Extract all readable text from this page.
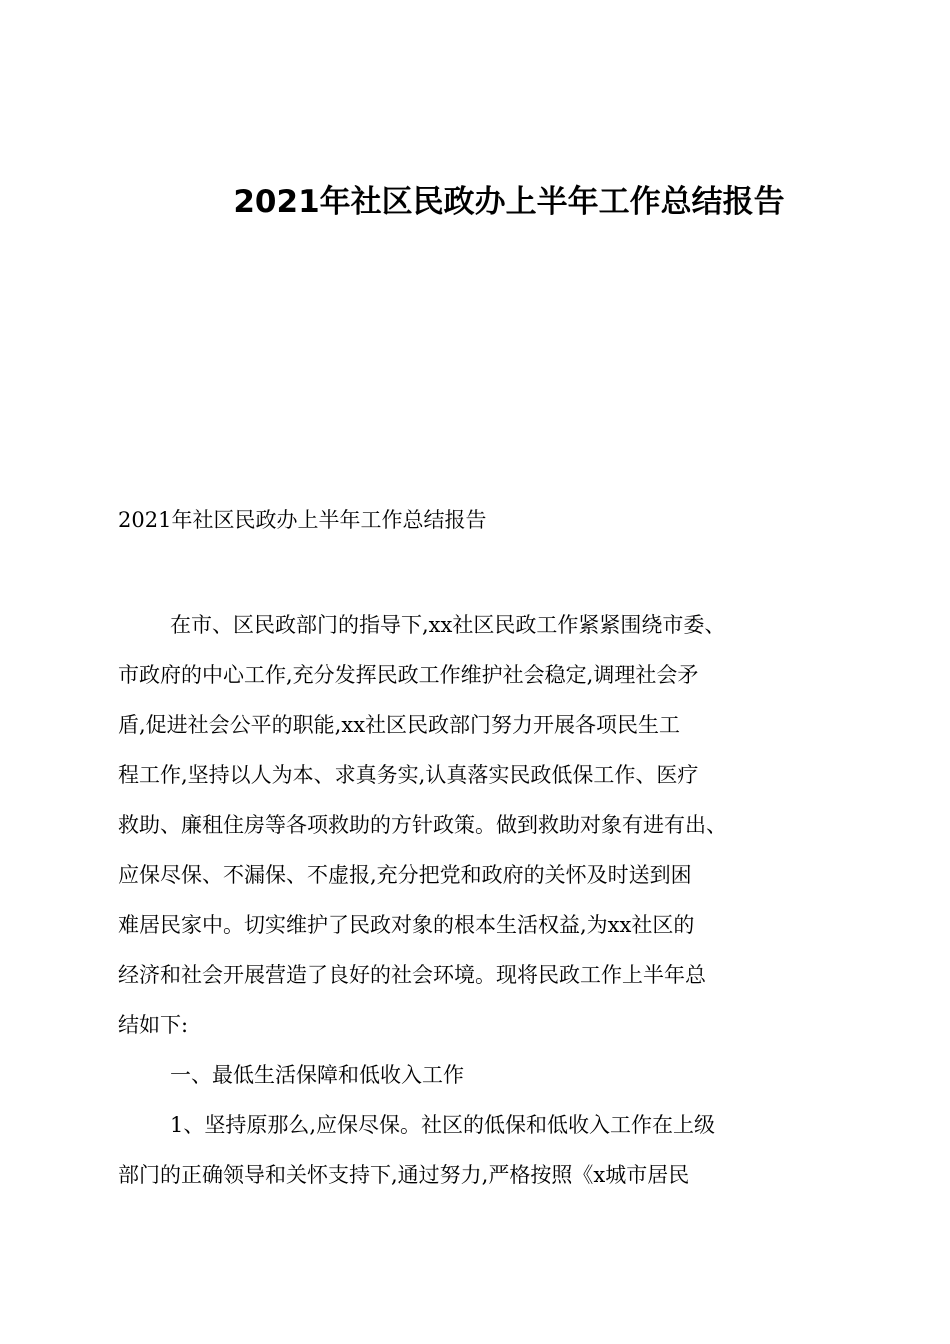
2021年社区民政办上半年工作总结报告
2021年社区民政办上半年工作总结报告
在市、区民政部门的指导下,xx社区民政工作紧紧围绕市委、
市政府的中心工作,充分发挥民政工作维护社会稳定,调理社会矛
盾,促进社会公平的职能,xx社区民政部门努力开展各项民生工
程工作,坚持以人为本、求真务实,认真落实民政低保工作、医疗
救助、廉租住房等各项救助的方针政策。做到救助对象有进有出、
应保尽保、不漏保、不虚报,充分把党和政府的关怀及时送到困
难居民家中。切实维护了民政对象的根本生活权益,为xx社区的
经济和社会开展营造了良好的社会环境。现将民政工作上半年总
结如下:
一、最低生活保障和低收入工作
1、坚持原那么,应保尽保。社区的低保和低收入工作在上级
部门的正确领导和关怀支持下,通过努力,严格按照《x城市居民
